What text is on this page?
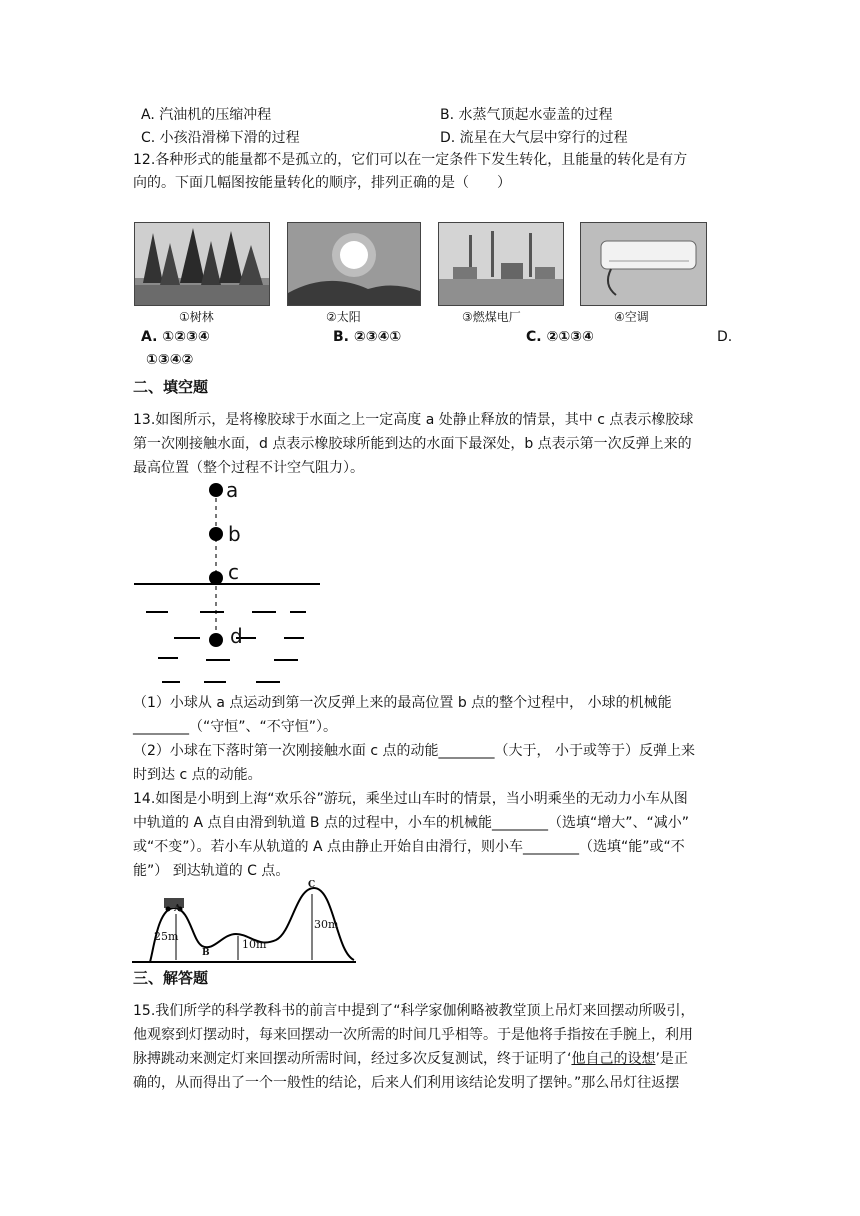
A. 汽油机的压缩冲程	B. 水蒸气顶起水壶盖的过程
C. 小孩沿滑梯下滑的过程	D. 流星在大气层中穿行的过程
12.各种形式的能量都不是孤立的，它们可以在一定条件下发生转化，且能量的转化是有方
向的。下面几幅图按能量转化的顺序，排列正确的是（　　）
①树林	②太阳	③燃煤电厂	④空调
A. ①②③④	B. ②③④①	C. ②①③④	D.
①③④②
二、填空题
13.如图所示，是将橡胶球于水面之上一定高度 a 处静止释放的情景，其中 c 点表示橡胶球
第一次刚接触水面，d 点表示橡胶球所能到达的水面下最深处，b 点表示第一次反弹上来的
最高位置（整个过程不计空气阻力）。
a
b
c
d
（1）小球从 a 点运动到第一次反弹上来的最高位置 b 点的整个过程中， 小球的机械能
________（“守恒”、“不守恒”）。
（2）小球在下落时第一次刚接触水面 c 点的动能________（大于， 小于或等于）反弹上来
时到达 c 点的动能。
14.如图是小明到上海“欢乐谷”游玩，乘坐过山车时的情景，当小明乘坐的无动力小车从图
中轨道的 A 点自由滑到轨道 B 点的过程中，小车的机械能________（选填“增大”、“减小”
或“不变”）。若小车从轨道的 A 点由静止开始自由滑行，则小车________（选填“能”或“不
能”） 到达轨道的 C 点。
A
B
C
25m
10m
30m
三、解答题
15.我们所学的科学教科书的前言中提到了“科学家伽俐略被教堂顶上吊灯来回摆动所吸引，
他观察到灯摆动时，每来回摆动一次所需的时间几乎相等。于是他将手指按在手腕上，利用
脉搏跳动来测定灯来回摆动所需时间，经过多次反复测试，终于证明了‘他自己的设想’是正
确的，从而得出了一个一般性的结论，后来人们利用该结论发明了摆钟。”那么吊灯往返摆
